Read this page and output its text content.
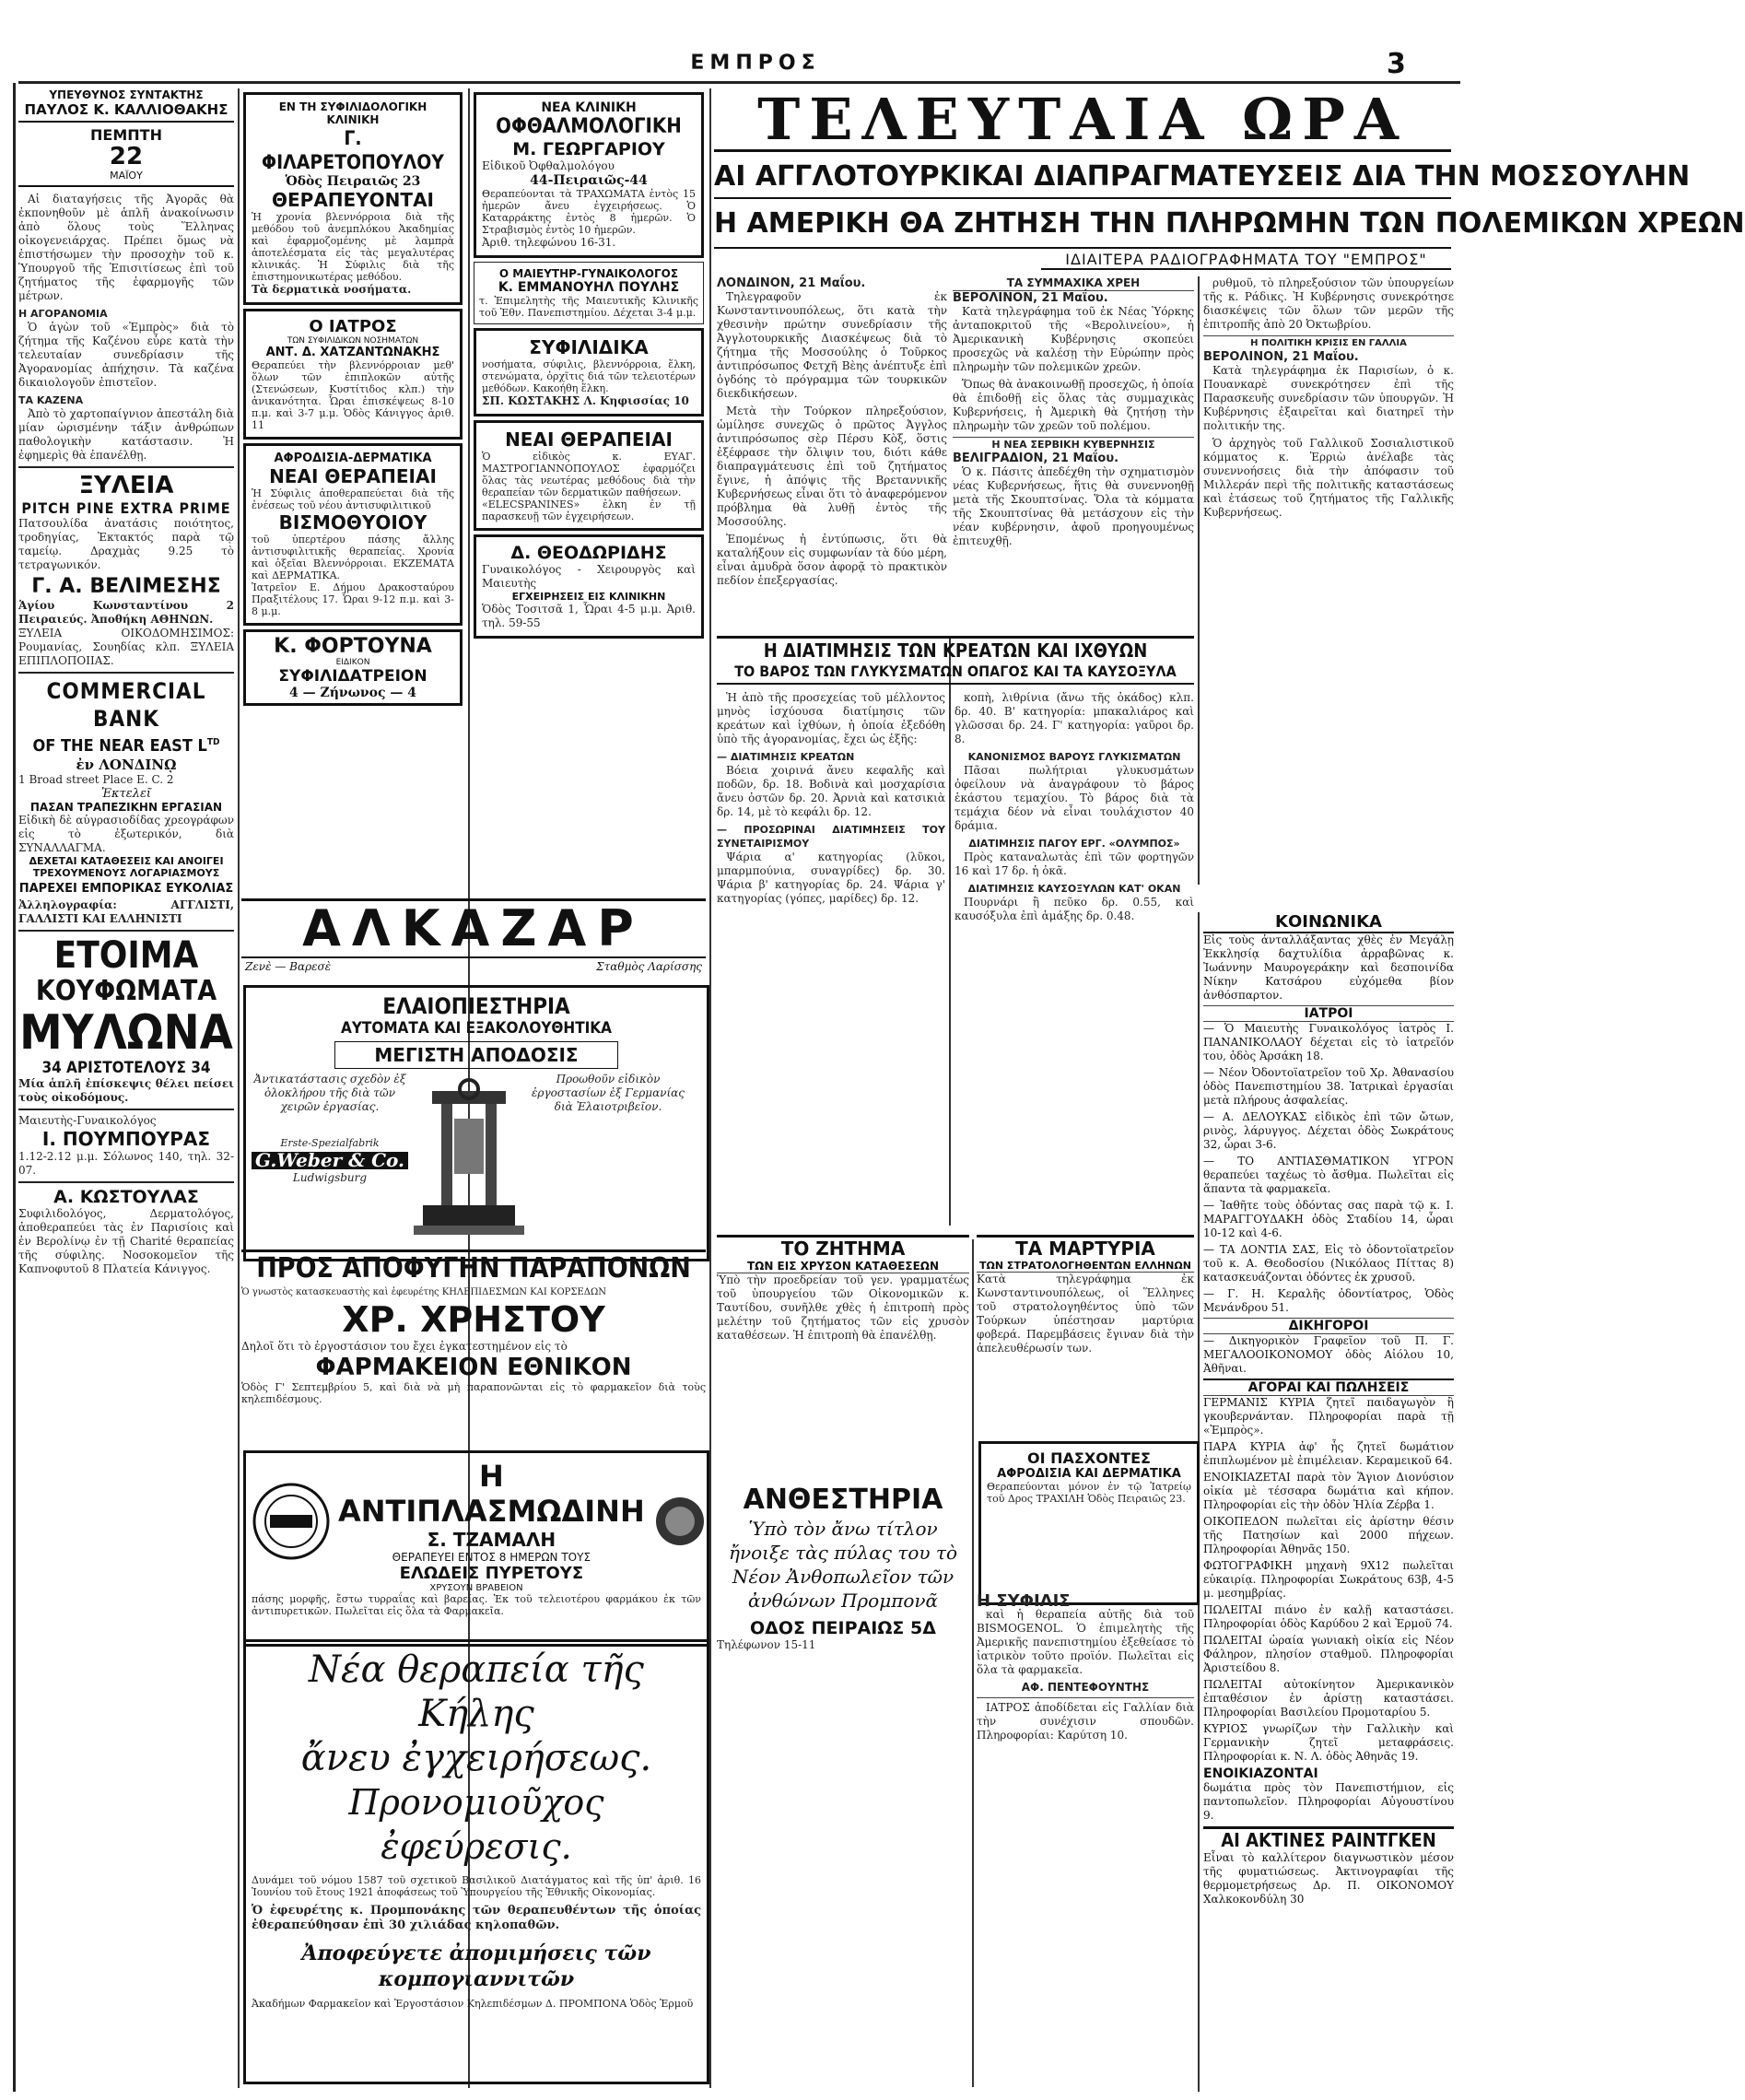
ΕΜΠΡΟΣ	3
ΥΠΕΥΘΥΝΟΣ ΣΥΝΤΑΚΤΗΣ
ΠΑΥΛΟΣ Κ. ΚΑΛΛΙΟΘΑΚΗΣ
ΠΕΜΠΤΗ
22
ΜΑΪΟΥ

Αἱ διαταγήσεις τῆς Ἀγορᾶς θὰ ἐκπονηθοῦν μὲ ἁπλῆ ἀνακοίνωσιν ἀπὸ ὅλους τοὺς Ἕλληνας οἰκογενειάρχας. Πρέπει ὅμως νὰ ἐπιστήσωμεν τὴν προσοχὴν τοῦ κ. Ὑπουργοῦ τῆς Ἐπισιτίσεως ἐπὶ τοῦ ζητήματος τῆς ἐφαρμογῆς τῶν μέτρων.

Η ΑΓΟΡΑΝΟΜΙΑ

Ὁ ἀγὼν τοῦ «Ἐμπρὸς» διὰ τὸ ζήτημα τῆς Καζένου εὗρε κατὰ τὴν τελευταίαν συνεδρίασιν τῆς Ἀγορανομίας ἀπήχησιν. Τὰ καζένα δικαιολογοῦν ἐπιστεῖον.

ΤΑ ΚΑΖΕΝΑ

Ἀπὸ τὸ χαρτοπαίγνιον ἀπεστάλη διὰ μίαν ὡρισμένην τάξιν ἀνθρώπων παθολογικὴν κατάστασιν. Ἡ ἐφημερὶς θὰ ἐπανέλθῃ.

ΞΥΛΕΙΑ
PITCH PINE EXTRA PRIME
Πατσουλίδα ἀνατάσις ποιότητος, τροδηγίας, Ἐκτακτός παρὰ τῷ ταμείῳ. Δραχμὰς 9.25 τὸ τετραγωνικόν.
Γ. Α. ΒΕΛΙΜΕΣΗΣ
Ἁγίου Κωνσταντίνου 2 Πειραιεύς. Ἀποθήκη ΑΘΗΝΩΝ.
ΞΥΛΕΙΑ ΟΙΚΟΔΟΜΗΣΙΜΟΣ: Ρουμανίας, Σουηδίας κλπ. ΞΥΛΕΙΑ ΕΠΙΠΛΟΠΟΙΙΑΣ.
COMMERCIAL BANK
OF THE NEAR EAST $L^{TD}$
ἐν ΛΟΝΔΙΝῼ
1 Broad street Place E. C. 2
Ἐκτελεῖ
ΠΑΣΑΝ ΤΡΑΠΕΖΙΚΗΝ ΕΡΓΑΣΙΑΝ
Εἰδικὴ δὲ αὐγρασιοδίδας χρεογράφων εἰς τὸ ἐξωτερικόν, διὰ ΣΥΝΑΛΛΑΓΜΑ.
ΔΕΧΕΤΑΙ ΚΑΤΑΘΕΣΕΙΣ ΚΑΙ ΑΝΟΙΓΕΙ ΤΡΕΧΟΥΜΕΝΟΥΣ ΛΟΓΑΡΙΑΣΜΟΥΣ
ΠΑΡΕΧΕΙ ΕΜΠΟΡΙΚΑΣ ΕΥΚΟΛΙΑΣ
Ἀλληλογραφία: ΑΓΓΛΙΣΤΙ, ΓΑΛΛΙΣΤΙ ΚΑΙ ΕΛΛΗΝΙΣΤΙ
ΕΤΟΙΜΑ
ΚΟΥΦΩΜΑΤΑ
ΜΥΛΩΝΑ
34 ΑΡΙΣΤΟΤΕΛΟΥΣ 34
Μία ἁπλῆ ἐπίσκεψις θέλει πείσει τοὺς οἰκοδόμους.
Μαιευτὴς-Γυναικολόγος
Ι. ΠΟΥΜΠΟΥΡΑΣ
1.12-2.12 μ.μ. Σόλωνος 140, τηλ. 32-07.
Α. ΚΩΣΤΟΥΛΑΣ
Συφιλιδολόγος, Δερματολόγος, ἀποθεραπεύει τὰς ἐν Παρισίοις καὶ ἐν Βερολίνῳ ἐν τῇ Charité θεραπείας τῆς σύφιλης. Νοσοκομεῖον τῆς Καπνοφυτοῦ 8 Πλατεία Κάνιγγος.
ΕΝ ΤΗ ΣΥΦΙΛΙΔΟΛΟΓΙΚΗ ΚΛΙΝΙΚΗ
Γ. ΦΙΛΑΡΕΤΟΠΟΥΛΟΥ
Ὁδὸς Πειραιῶς 23
ΘΕΡΑΠΕΥΟΝΤΑΙ
Ἡ χρονία βλεννόρροια διὰ τῆς μεθόδου τοῦ ἀνεμπλόκου Ἀκαδημίας καὶ ἐφαρμοζομένης μὲ λαμπρὰ ἀποτελέσματα εἰς τὰς μεγαλυτέρας κλινικάς. Ἡ Σύφιλις διὰ τῆς ἐπιστημονικωτέρας μεθόδου.
Τὰ δερματικὰ νοσήματα.
Ο ΙΑΤΡΟΣ
ΤΩΝ ΣΥΦΙΛΙΔΙΚΩΝ ΝΟΣΗΜΑΤΩΝ
ΑΝΤ. Δ. ΧΑΤΖΑΝΤΩΝΑΚΗΣ
Θεραπεύει τὴν βλεννόρροιαν μεθ' ὅλων τῶν ἐπιπλοκῶν αὐτῆς (Στενώσεων, Κυστίτιδος κλπ.) τὴν ἀνικανότητα. Ὧραι ἐπισκέψεως 8-10 π.μ. καὶ 3-7 μ.μ. Ὁδὸς Κάνιγγος ἀριθ. 11
ΑΦΡΟΔΙΣΙΑ-ΔΕΡΜΑΤΙΚΑ
ΝΕΑΙ ΘΕΡΑΠΕΙΑΙ
Ἡ Σύφιλις ἀποθεραπεύεται διὰ τῆς ἐνέσεως τοῦ νέου ἀντισυφιλιτικοῦ
ΒΙΣΜΟΘΥΟΙΟΥ
τοῦ ὑπερτέρου πάσης ἄλλης ἀντισυφιλιτικῆς θεραπείας. Χρονία καὶ ὀξεῖαι Βλεννόρροιαι. ΕΚΖΕΜΑΤΑ καὶ ΔΕΡΜΑΤΙΚΑ.
Ἰατρεῖον Ε. Δήμου Δρακοσταύρου Πραξιτέλους 17. Ὧραι 9-12 π.μ. καὶ 3-8 μ.μ.
Κ. ΦΟΡΤΟΥΝΑ
ΕΙΔΙΚΟΝ
ΣΥΦΙΛΙΔΑΤΡΕΙΟΝ
4 — Ζήνωνος — 4
ΝΕΑ ΚΛΙΝΙΚΗ
ΟΦΘΑΛΜΟΛΟΓΙΚΗ
Μ. ΓΕΩΡΓΑΡΙΟΥ
Εἰδικοῦ Ὀφθαλμολόγου
44-Πειραιῶς-44
Θεραπεύονται τὰ ΤΡΑΧΩΜΑΤΑ ἐντὸς 15 ἡμερῶν ἄνευ ἐγχειρήσεως. Ὁ Καταρράκτης ἐντὸς 8 ἡμερῶν. Ὁ Στραβισμὸς ἐντὸς 10 ἡμερῶν.
Ἀριθ. τηλεφώνου 16-31.
Ο ΜΑΙΕΥΤΗΡ-ΓΥΝΑΙΚΟΛΟΓΟΣ
Κ. ΕΜΜΑΝΟΥΗΛ ΠΟΥΛΗΣ
τ. Ἐπιμελητὴς τῆς Μαιευτικῆς Κλινικῆς τοῦ Ἐθν. Πανεπιστημίου. Δέχεται 3-4 μ.μ.
ΣΥΦΙΛΙΔΙΚΑ
νοσήματα, σύφιλις, βλεννόρροια, ἕλκη, στενώματα, ὀρχῖτις διά τῶν τελειοτέρων μεθόδων. Κακοήθη ἕλκη.
ΣΠ. ΚΩΣΤΑΚΗΣ Λ. Κηφισσίας 10
ΝΕΑΙ ΘΕΡΑΠΕΙΑΙ
Ὁ εἰδικὸς κ. ΕΥΑΓ. ΜΑΣΤΡΟΓΙΑΝΝΟΠΟΥΛΟΣ ἐφαρμόζει ὅλας τὰς νεωτέρας μεθόδους διὰ τὴν θεραπείαν τῶν δερματικῶν παθήσεων.
«ELECSPANINES» ἐλκη ἐν τῇ παρασκευῇ τῶν ἐγχειρήσεων.
Δ. ΘΕΟΔΩΡΙΔΗΣ
Γυναικολόγος - Χειρουργὸς καὶ Μαιευτὴς
ΕΓΧΕΙΡΗΣΕΙΣ ΕΙΣ ΚΛΙΝΙΚΗΝ
Ὁδὸς Τοσιτσᾶ 1, Ὧραι 4-5 μ.μ. Ἀριθ. τηλ. 59-55
ΑΛΚΑΖΑΡ
Ζενὲ — Βαρεσὲ	Σταθμὸς Λαρίσσης
ΕΛΑΙΟΠΙΕΣΤΗΡΙΑ
ΑΥΤΟΜΑΤΑ ΚΑΙ ΕΞΑΚΟΛΟΥΘΗΤΙΚΑ
ΜΕΓΙΣΤΗ ΑΠΟΔΟΣΙΣ
Ἀντικατάστασις σχεδὸν ἐξ ὁλοκλήρου τῆς διὰ τῶν χειρῶν ἐργασίας.
Erste-Spezialfabrik
G.Weber & Co.
Ludwigsburg
Προωθοῦν εἰδικὸν ἐργοστασίων ἐξ Γερμανίας διὰ Ἐλαιοτριβεῖον.
ΠΡΟΣ ΑΠΟΦΥΓΗΝ ΠΑΡΑΠΟΝΩΝ
Ὁ γνωστὸς κατασκευαστὴς καὶ ἐφευρέτης ΚΗΛΕΠΙΔΕΣΜΩΝ ΚΑΙ ΚΟΡΣΕΔΩΝ
ΧΡ. ΧΡΗΣΤΟΥ
Δηλοῖ ὅτι τὸ ἐργοστάσιον του ἔχει ἐγκατεστημένον εἰς τὸ
ΦΑΡΜΑΚΕΙΟΝ ΕΘΝΙΚΟΝ
Ὁδὸς Γ' Σεπτεμβρίου 5, καὶ διὰ νὰ μὴ παραπονῶνται εἰς τὸ φαρμακεῖον διὰ τοὺς κηλεπιδέσμους.
Η ΑΝΤΙΠΛΑΣΜΩΔΙΝΗ
Σ. ΤΖΑΜΑΛΗ
ΘΕΡΑΠΕΥΕΙ ΕΝΤΟΣ 8 ΗΜΕΡΩΝ ΤΟΥΣ
ΕΛΩΔΕΙΣ ΠΥΡΕΤΟΥΣ
ΧΡΥΣΟΥΝ ΒΡΑΒΕΙΟΝ
πάσης μορφῆς, ἔστω τυρραΐας καὶ βαρείας. Ἐκ τοῦ τελειοτέρου φαρμάκου ἐκ τῶν ἀντιπυρετικῶν. Πωλεῖται εἰς ὅλα τὰ Φαρμακεῖα.
Νέα θεραπεία τῆς Κήλης
ἄνευ ἐγχειρήσεως.
Προνομιοῦχος ἐφεύρεσις.
Δυνάμει τοῦ νόμου 1587 τοῦ σχετικοῦ Βασιλικοῦ Διατάγματος καὶ τῆς ὑπ' ἀριθ. 16 Ἰουνίου τοῦ ἔτους 1921 ἀποφάσεως τοῦ Ὑπουργείου τῆς Ἐθνικῆς Οἰκονομίας.
Ὁ ἐφευρέτης κ. Προμπονάκης τῶν θεραπευθέντων τῆς ὁποίας ἐθεραπεύθησαν ἐπὶ 30 χιλιάδας κηλοπαθῶν.
Ἀποφεύγετε ἀπομιμήσεις τῶν κομπογιαννιτῶν
Ἀκαδήμων Φαρμακεῖον καὶ Ἐργοστάσιον Κηλεπιδέσμων Δ. ΠΡΟΜΠΟΝΑ Ὁδὸς Ἑρμοῦ
ΤΕΛΕΥΤΑΙΑ ΩΡΑ
ΑΙ ΑΓΓΛΟΤΟΥΡΚΙΚΑΙ ΔΙΑΠΡΑΓΜΑΤΕΥΣΕΙΣ ΔΙΑ ΤΗΝ ΜΟΣΣΟΥΛΗΝ
Η ΑΜΕΡΙΚΗ ΘΑ ΖΗΤΗΣΗ ΤΗΝ ΠΛΗΡΩΜΗΝ ΤΩΝ ΠΟΛΕΜΙΚΩΝ ΧΡΕΩΝ
ΙΔΙΑΙΤΕΡΑ ΡΑΔΙΟΓΡΑΦΗΜΑΤΑ ΤΟΥ "ΕΜΠΡΟΣ"
ΛΟΝΔΙΝΟΝ, 21 Μαΐου.

Τηλεγραφοῦν ἐκ Κωνσταντινουπόλεως, ὅτι κατὰ τὴν χθεσινὴν πρώτην συνεδρίασιν τῆς Ἀγγλοτουρκικῆς Διασκέψεως διὰ τὸ ζήτημα τῆς Μοσσούλης ὁ Τοῦρκος ἀντιπρόσωπος Φετχῆ Βὲης ἀνέπτυξε ἐπὶ ὀγδόης τὸ πρόγραμμα τῶν τουρκικῶν διεκδικήσεων.

Μετὰ τὴν Τούρκον πληρεξούσιον, ὡμίλησε συνεχῶς ὁ πρῶτος Ἀγγλος ἀντιπρόσωπος σὲρ Πέρσυ Κὸξ, ὅστις ἐξέφρασε τὴν ὄλιψιν του, διότι κάθε διαπραγμάτευσις ἐπὶ τοῦ ζητήματος ἔγινε, ἡ ἀπόψις τῆς Βρεταννικῆς Κυβερνήσεως εἶναι ὅτι τὸ ἀναφερόμενον πρόβλημα θὰ λυθῇ ἐντὸς τῆς Μοσσούλης.

Ἐπομένως ἡ ἐντύπωσις, ὅτι θὰ καταλήξουν εἰς συμφωνίαν τὰ δύο μέρη, εἶναι ἀμυδρὰ ὅσον ἀφορᾷ τὸ πρακτικὸν πεδίον ἐπεξεργασίας.

ΤΑ ΣΥΜΜΑΧΙΚΑ ΧΡΕΗ
ΒΕΡΟΛΙΝΟΝ, 21 Μαΐου.

Κατὰ τηλεγράφημα τοῦ ἐκ Νέας Ὑόρκης ἀνταποκριτοῦ τῆς «Βερολινείου», ἡ Ἀμερικανικὴ Κυβέρνησις σκοπεύει προσεχῶς νὰ καλέσῃ τὴν Εὐρώπην πρὸς πληρωμὴν τῶν πολεμικῶν χρεῶν.

Ὅπως θὰ ἀνακοινωθῇ προσεχῶς, ἡ ὁποία θὰ ἐπιδοθῇ εἰς ὅλας τὰς συμμαχικὰς Κυβερνήσεις, ἡ Ἀμερικὴ θὰ ζητήσῃ τὴν πληρωμὴν τῶν χρεῶν τοῦ πολέμου.

Η ΝΕΑ ΣΕΡΒΙΚΗ ΚΥΒΕΡΝΗΣΙΣ
ΒΕΛΙΓΡΑΔΙΟΝ, 21 Μαΐου.

Ὁ κ. Πάσιτς ἀπεδέχθη τὴν σχηματισμὸν νέας Κυβερνήσεως, ἥτις θὰ συνεννοηθῇ μετὰ τῆς Σκουπτσίνας. Ὅλα τὰ κόμματα τῆς Σκουπτσίνας θὰ μετάσχουν εἰς τὴν νέαν κυβέρνησιν, ἀφοῦ προηγουμένως ἐπιτευχθῇ.

ρυθμοῦ, τὸ πληρεξούσιον τῶν ὑπουργείων τῆς κ. Ράδικς. Ἡ Κυβέρνησις συνεκρότησε διασκέψεις τῶν ὅλων τῶν μερῶν τῆς ἐπιτροπῆς ἀπὸ 20 Ὀκτωβρίου.

Η ΠΟΛΙΤΙΚΗ ΚΡΙΣΙΣ ΕΝ ΓΑΛΛΙΑ
ΒΕΡΟΛΙΝΟΝ, 21 Μαΐου.

Κατὰ τηλεγράφημα ἐκ Παρισίων, ὁ κ. Πουανκαρὲ συνεκρότησεν ἐπὶ τῆς Παρασκευῆς συνεδρίασιν τῶν ὑπουργῶν. Ἡ Κυβέρνησις ἐξαιρεῖται καὶ διατηρεῖ τὴν πολιτικήν της.

Ὁ ἀρχηγὸς τοῦ Γαλλικοῦ Σοσιαλιστικοῦ κόμματος κ. Ἐρριὼ ἀνέλαβε τὰς συνεννοήσεις διὰ τὴν ἀπόφασιν τοῦ Μιλλεράν περὶ τῆς πολιτικῆς καταστάσεως καὶ ἐτάσεως τοῦ ζητήματος τῆς Γαλλικῆς Κυβερνήσεως.

Η ΔΙΑΤΙΜΗΣΙΣ ΤΩΝ ΚΡΕΑΤΩΝ ΚΑΙ ΙΧΘΥΩΝ
ΤΟ ΒΑΡΟΣ ΤΩΝ ΓΛΥΚΥΣΜΑΤΩΝ ΟΠΑΓΟΣ ΚΑΙ ΤΑ ΚΑΥΣΟΞΥΛΑ

Ἡ ἀπὸ τῆς προσεχείας τοῦ μέλλοντος μηνὸς ἰσχύουσα διατίμησις τῶν κρεάτων καὶ ἰχθύων, ἡ ὁποία ἐξεδόθη ὑπὸ τῆς ἀγορανομίας, ἔχει ὡς ἑξῆς:

— ΔΙΑΤΙΜΗΣΙΣ ΚΡΕΑΤΩΝ

Βόεια χοιρινά ἄνευ κεφαλῆς καὶ ποδῶν, δρ. 18. Βοδινὰ καὶ μοσχαρίσια ἄνευ ὀστῶν δρ. 20. Ἀρνιὰ καὶ κατσικιὰ δρ. 14, μὲ τὸ κεφάλι δρ. 12.

— ΠΡΟΣΩΡΙΝΑΙ ΔΙΑΤΙΜΗΣΕΙΣ ΤΟΥ ΣΥΝΕΤΑΙΡΙΣΜΟΥ

Ψάρια α' κατηγορίας (λῦκοι, μπαρμπούνια, συναγρίδες) δρ. 30. Ψάρια β' κατηγορίας δρ. 24. Ψάρια γ' κατηγορίας (γόπες, μαρίδες) δρ. 12.

κοπὴ, λιθρίνια (ἄνω τῆς ὀκάδος) κλπ. δρ. 40. Β' κατηγορία: μπακαλιάρος καὶ γλῶσσαι δρ. 24. Γ' κατηγορία: γαῦροι δρ. 8.

ΚΑΝΟΝΙΣΜΟΣ ΒΑΡΟΥΣ ΓΛΥΚΙΣΜΑΤΩΝ

Πᾶσαι πωλήτριαι γλυκυσμάτων ὀφείλουν νὰ ἀναγράφουν τὸ βάρος ἑκάστου τεμαχίου. Τὸ βάρος διὰ τὰ τεμάχια δέον νὰ εἶναι τουλάχιστον 40 δράμια.

ΔΙΑΤΙΜΗΣΙΣ ΠΑΓΟΥ ΕΡΓ. «ΟΛΥΜΠΟΣ»

Πρὸς καταναλωτὰς ἐπὶ τῶν φορτηγῶν 16 καὶ 17 δρ. ἡ ὀκᾶ.

ΔΙΑΤΙΜΗΣΙΣ ΚΑΥΣΟΞΥΛΩΝ ΚΑΤ' ΟΚΑΝ

Πουρνάρι ἢ πεῦκο δρ. 0.55, καὶ καυσόξυλα ἐπὶ ἁμάξης δρ. 0.48.

ΤΟ ΖΗΤΗΜΑ
ΤΩΝ ΕΙΣ ΧΡΥΣΟΝ ΚΑΤΑΘΕΣΕΩΝ
Ὑπὸ τὴν προεδρείαν τοῦ γεν. γραμματέως τοῦ ὑπουργείου τῶν Οἰκονομικῶν κ. Ταυτίδου, συνῆλθε χθὲς ἡ ἐπιτροπὴ πρὸς μελέτην τοῦ ζητήματος τῶν εἰς χρυσὸν καταθέσεων. Ἡ ἐπιτροπὴ θὰ ἐπανέλθῃ.
ΑΝΘΕΣΤΗΡΙΑ
Ὑπὸ τὸν ἄνω τίτλον ἤνοιξε τὰς πύλας του τὸ Νέον Ἀνθοπωλεῖον τῶν ἀνθώνων Προμπονᾶ
ΟΔΟΣ ΠΕΙΡΑΙΩΣ 5Δ
Τηλέφωνον 15-11
ΤΑ ΜΑΡΤΥΡΙΑ
ΤΩΝ ΣΤΡΑΤΟΛΟΓΗΘΕΝΤΩΝ ΕΛΛΗΝΩΝ
Κατὰ τηλεγράφημα ἐκ Κωνσταντινουπόλεως, οἱ Ἕλληνες τοῦ στρατολογηθέντος ὑπὸ τῶν Τούρκων ὑπέστησαν μαρτύρια φοβερά. Παρεμβάσεις ἔγιναν διὰ τὴν ἀπελευθέρωσίν των.
ΟΙ ΠΑΣΧΟΝΤΕΣ
ΑΦΡΟΔΙΣΙΑ ΚΑΙ ΔΕΡΜΑΤΙΚΑ
Θεραπεύονται μόνον ἐν τῷ Ἰατρείῳ τοῦ Δρος ΤΡΑΧΙΛΗ Ὁδὸς Πειραιῶς 23.
Η ΣΥΦΙΛΙΣ

καὶ ἡ θεραπεία αὐτῆς διὰ τοῦ BISMOGENOL. Ὁ ἐπιμελητὴς τῆς Ἀμερικῆς πανεπιστημίου ἐξεθείασε τὸ ἰατρικὸν τοῦτο προϊόν. Πωλεῖται εἰς ὅλα τὰ φαρμακεῖα.

ΑΦ. ΠΕΝΤΕΦΟΥΝΤΗΣ

ΙΑΤΡΟΣ ἀποδίδεται εἰς Γαλλίαν διὰ τὴν συνέχισιν σπουδῶν. Πληροφορίαι: Καρύτση 10.

ΚΟΙΝΩΝΙΚΑ
Εἰς τοὺς ἀνταλλάξαντας χθὲς ἐν Μεγάλῃ Ἐκκλησίᾳ δαχτυλίδια ἀρραβῶνας κ. Ἰωάννην Μαυρογεράκην καὶ δεσποινίδα Νίκην Κατσάρου εὐχόμεθα βίον ἀνθόσπαρτον.
ΙΑΤΡΟΙ
— Ὁ Μαιευτὴς Γυναικολόγος ἰατρὸς Ι. ΠΑΝΑΝΙΚΟΛΑΟΥ δέχεται εἰς τὸ ἰατρεῖόν του, ὁδὸς Ἀρσάκη 18.
— Νέον Ὀδοντοϊατρεῖον τοῦ Χρ. Ἀθανασίου ὁδὸς Πανεπιστημίου 38. Ἰατρικαὶ ἐργασίαι μετὰ πλήρους ἀσφαλείας.
— Α. ΔΕΛΟΥΚΑΣ εἰδικὸς ἐπὶ τῶν ὤτων, ρινὸς, λάρυγγος. Δέχεται ὁδὸς Σωκράτους 32, ὧραι 3-6.
— ΤΟ ΑΝΤΙΑΣΘΜΑΤΙΚΟΝ ΥΓΡΟΝ θεραπεύει ταχέως τὸ ἄσθμα. Πωλεῖται εἰς ἅπαντα τὰ φαρμακεῖα.
— Ἰαθῆτε τοὺς ὀδόντας σας παρὰ τῷ κ. Ι. ΜΑΡΑΓΓΟΥΔΑΚΗ ὁδὸς Σταδίου 14, ὧραι 10-12 καὶ 4-6.
— ΤΑ ΔΟΝΤΙΑ ΣΑΣ, Εἰς τὸ ὀδοντοϊατρεῖον τοῦ κ. Α. Θεοδοσίου (Νικόλαος Πίττας 8) κατασκευάζονται ὀδόντες ἐκ χρυσοῦ.
— Γ. Η. Κεραλῆς ὀδοντίατρος, Ὁδὸς Μενάνδρου 51.
ΔΙΚΗΓΟΡΟΙ
— Δικηγορικὸν Γραφεῖον τοῦ Π. Γ. ΜΕΓΑΛΟΟΙΚΟΝΟΜΟΥ ὁδὸς Αἰόλου 10, Ἀθῆναι.
ΑΓΟΡΑΙ ΚΑΙ ΠΩΛΗΣΕΙΣ
ΓΕΡΜΑΝΙΣ ΚΥΡΙΑ ζητεῖ παιδαγωγὸν ἢ γκουβερνάνταν. Πληροφορίαι παρὰ τῇ «Ἐμπρὸς».
ΠΑΡΑ ΚΥΡΙΑ ἀφ' ἧς ζητεῖ δωμάτιον ἐπιπλωμένον μὲ ἐπιμέλειαν. Κεραμεικοῦ 64.
ΕΝΟΙΚΙΑΖΕΤΑΙ παρὰ τὸν Ἅγιον Διονύσιον οἰκία μὲ τέσσαρα δωμάτια καὶ κήπον. Πληροφορίαι εἰς τὴν ὁδὸν Ἠλία Ζέρβα 1.
ΟΙΚΟΠΕΔΟΝ πωλεῖται εἰς ἀρίστην θέσιν τῆς Πατησίων καὶ 2000 πήχεων. Πληροφορίαι Ἀθηνᾶς 150.
ΦΩΤΟΓΡΑΦΙΚΗ μηχανὴ 9Χ12 πωλεῖται εὐκαιρίᾳ. Πληροφορίαι Σωκράτους 63β, 4-5 μ. μεσημβρίας.
ΠΩΛΕΙΤΑΙ πιάνο ἐν καλῇ καταστάσει. Πληροφορίαι ὁδὸς Καρύδου 2 καὶ Ἑρμοῦ 74.
ΠΩΛΕΙΤΑΙ ὡραία γωνιακὴ οἰκία εἰς Νέον Φάληρον, πλησίον σταθμοῦ. Πληροφορίαι Ἀριστείδου 8.
ΠΩΛΕΙΤΑΙ αὐτοκίνητον Ἀμερικανικὸν ἐπταθέσιον ἐν ἀρίστῃ καταστάσει. Πληροφορίαι Βασιλείου Προμοταρίου 5.
ΚΥΡΙΟΣ γνωρίζων τὴν Γαλλικὴν καὶ Γερμανικὴν ζητεῖ μεταφράσεις. Πληροφορίαι κ. Ν. Λ. ὁδὸς Ἀθηνᾶς 19.
ΕΝΟΙΚΙΑΖΟΝΤΑΙ
δωμάτια πρὸς τὸν Πανεπιστήμιον, εἰς παντοπωλεῖον. Πληροφορίαι Αὐγουστίνου 9.
ΑΙ ΑΚΤΙΝΕΣ ΡΑΙΝΤΓΚΕΝ
Εἶναι τὸ καλλίτερον διαγνωστικὸν μέσον τῆς φυματιώσεως. Ἀκτινογραφίαι τῆς θερμομετρήσεως Δρ. Π. ΟΙΚΟΝΟΜΟΥ Χαλκοκονδύλη 30
